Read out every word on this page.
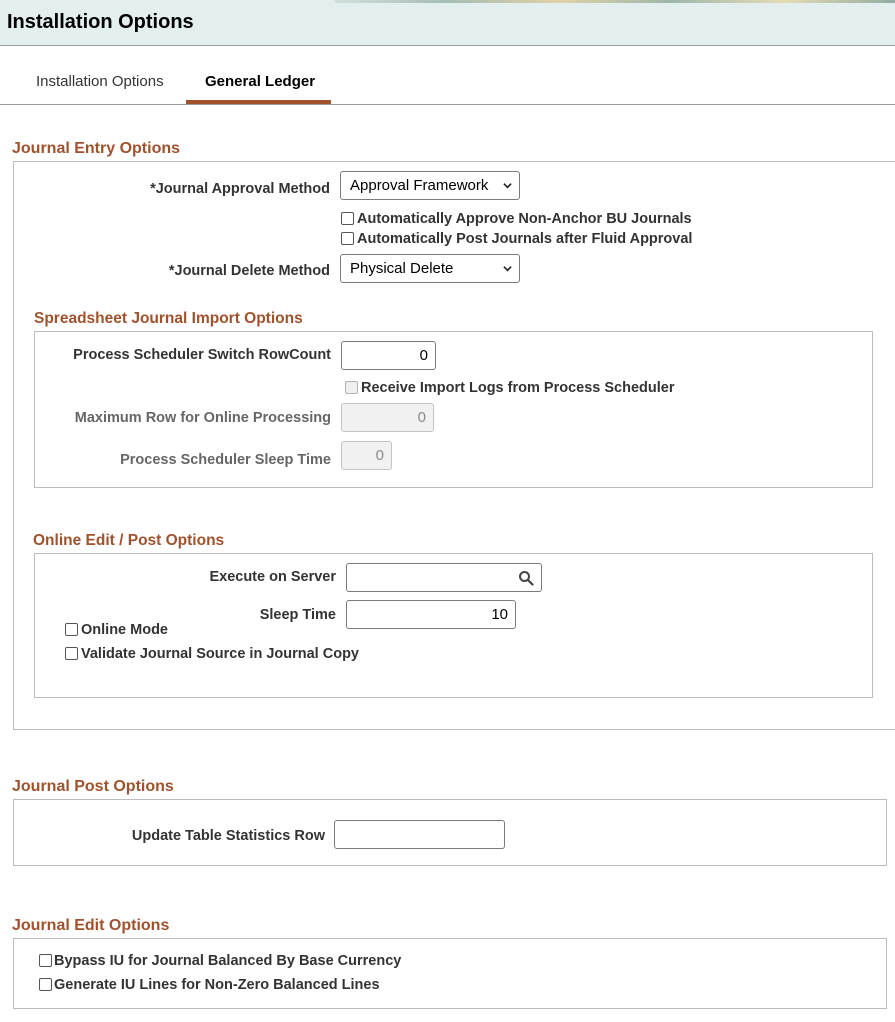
Installation Options
Installation Options	General Ledger
Journal Entry Options
*Journal Approval Method	Approval Framework
Automatically Approve Non-Anchor BU Journals
Automatically Post Journals after Fluid Approval
*Journal Delete Method	Physical Delete
Spreadsheet Journal Import Options
Process Scheduler Switch RowCount	0
Receive Import Logs from Process Scheduler
Maximum Row for Online Processing	0
Process Scheduler Sleep Time	0
Online Edit / Post Options
Execute on Server
Sleep Time	10
Online Mode
Validate Journal Source in Journal Copy
Journal Post Options
Update Table Statistics Row
Journal Edit Options
Bypass IU for Journal Balanced By Base Currency
Generate IU Lines for Non-Zero Balanced Lines
